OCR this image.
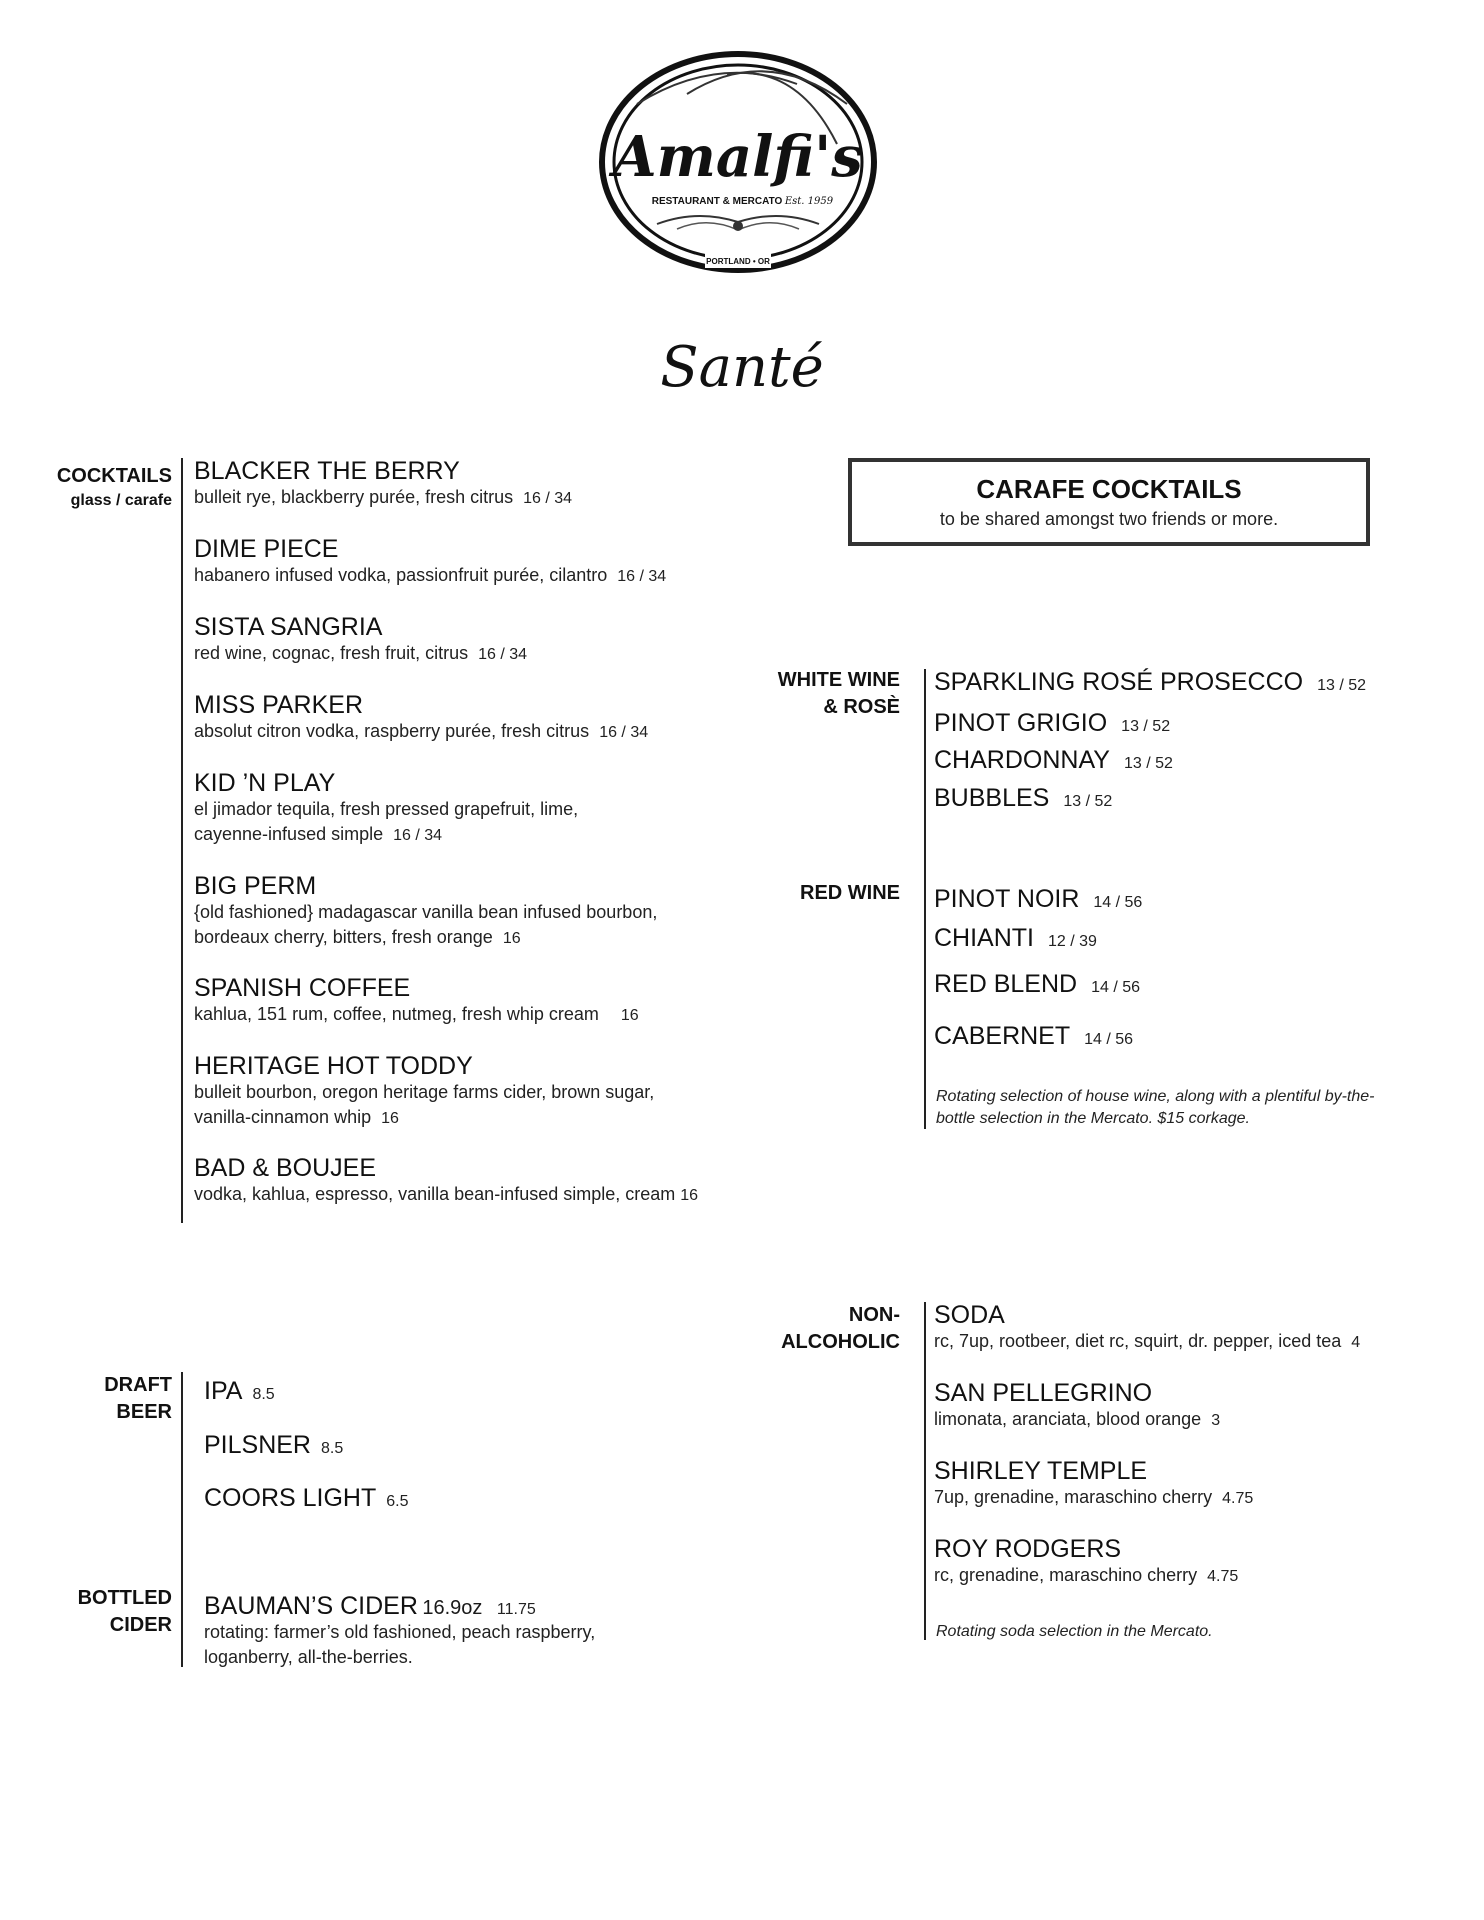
Amalfi's
RESTAURANT & MERCATO Est. 1959
PORTLAND • OR
Santé
COCKTAILS
glass / carafe
BLACKER THE BERRY
bulleit rye, blackberry purée, fresh citrus 16 / 34
DIME PIECE
habanero infused vodka, passionfruit purée, cilantro 16 / 34
SISTA SANGRIA
red wine, cognac, fresh fruit, citrus 16 / 34
MISS PARKER
absolut citron vodka, raspberry purée, fresh citrus 16 / 34
KID ’N PLAY
el jimador tequila, fresh pressed grapefruit, lime,
cayenne-infused simple 16 / 34
BIG PERM
{old fashioned} madagascar vanilla bean infused bourbon,
bordeaux cherry, bitters, fresh orange 16
SPANISH COFFEE
kahlua, 151 rum, coffee, nutmeg, fresh whip cream 16
HERITAGE HOT TODDY
bulleit bourbon, oregon heritage farms cider, brown sugar,
vanilla-cinnamon whip 16
BAD & BOUJEE
vodka, kahlua, espresso, vanilla bean-infused simple, cream 16
CARAFE COCKTAILS
to be shared amongst two friends or more.
WHITE WINE
& ROSÈ
SPARKLING ROSÉ PROSECCO 13 / 52
PINOT GRIGIO 13 / 52
CHARDONNAY 13 / 52
BUBBLES 13 / 52
RED WINE PINOT NOIR 14 / 56
CHIANTI 12 / 39
RED BLEND 14 / 56
CABERNET 14 / 56
Rotating selection of house wine, along with a plentiful by-the-
bottle selection in the Mercato. $15 corkage.
NON-
ALCOHOLIC
SODA
rc, 7up, rootbeer, diet rc, squirt, dr. pepper, iced tea 4
SAN PELLEGRINO
limonata, aranciata, blood orange 3
SHIRLEY TEMPLE
7up, grenadine, maraschino cherry 4.75
ROY RODGERS
rc, grenadine, maraschino cherry 4.75
Rotating soda selection in the Mercato.
DRAFT
BEER
IPA 8.5
PILSNER 8.5
COORS LIGHT 6.5
BOTTLED
CIDER
BAUMAN’S CIDER 16.9oz 11.75
rotating: farmer’s old fashioned, peach raspberry,
loganberry, all-the-berries.
